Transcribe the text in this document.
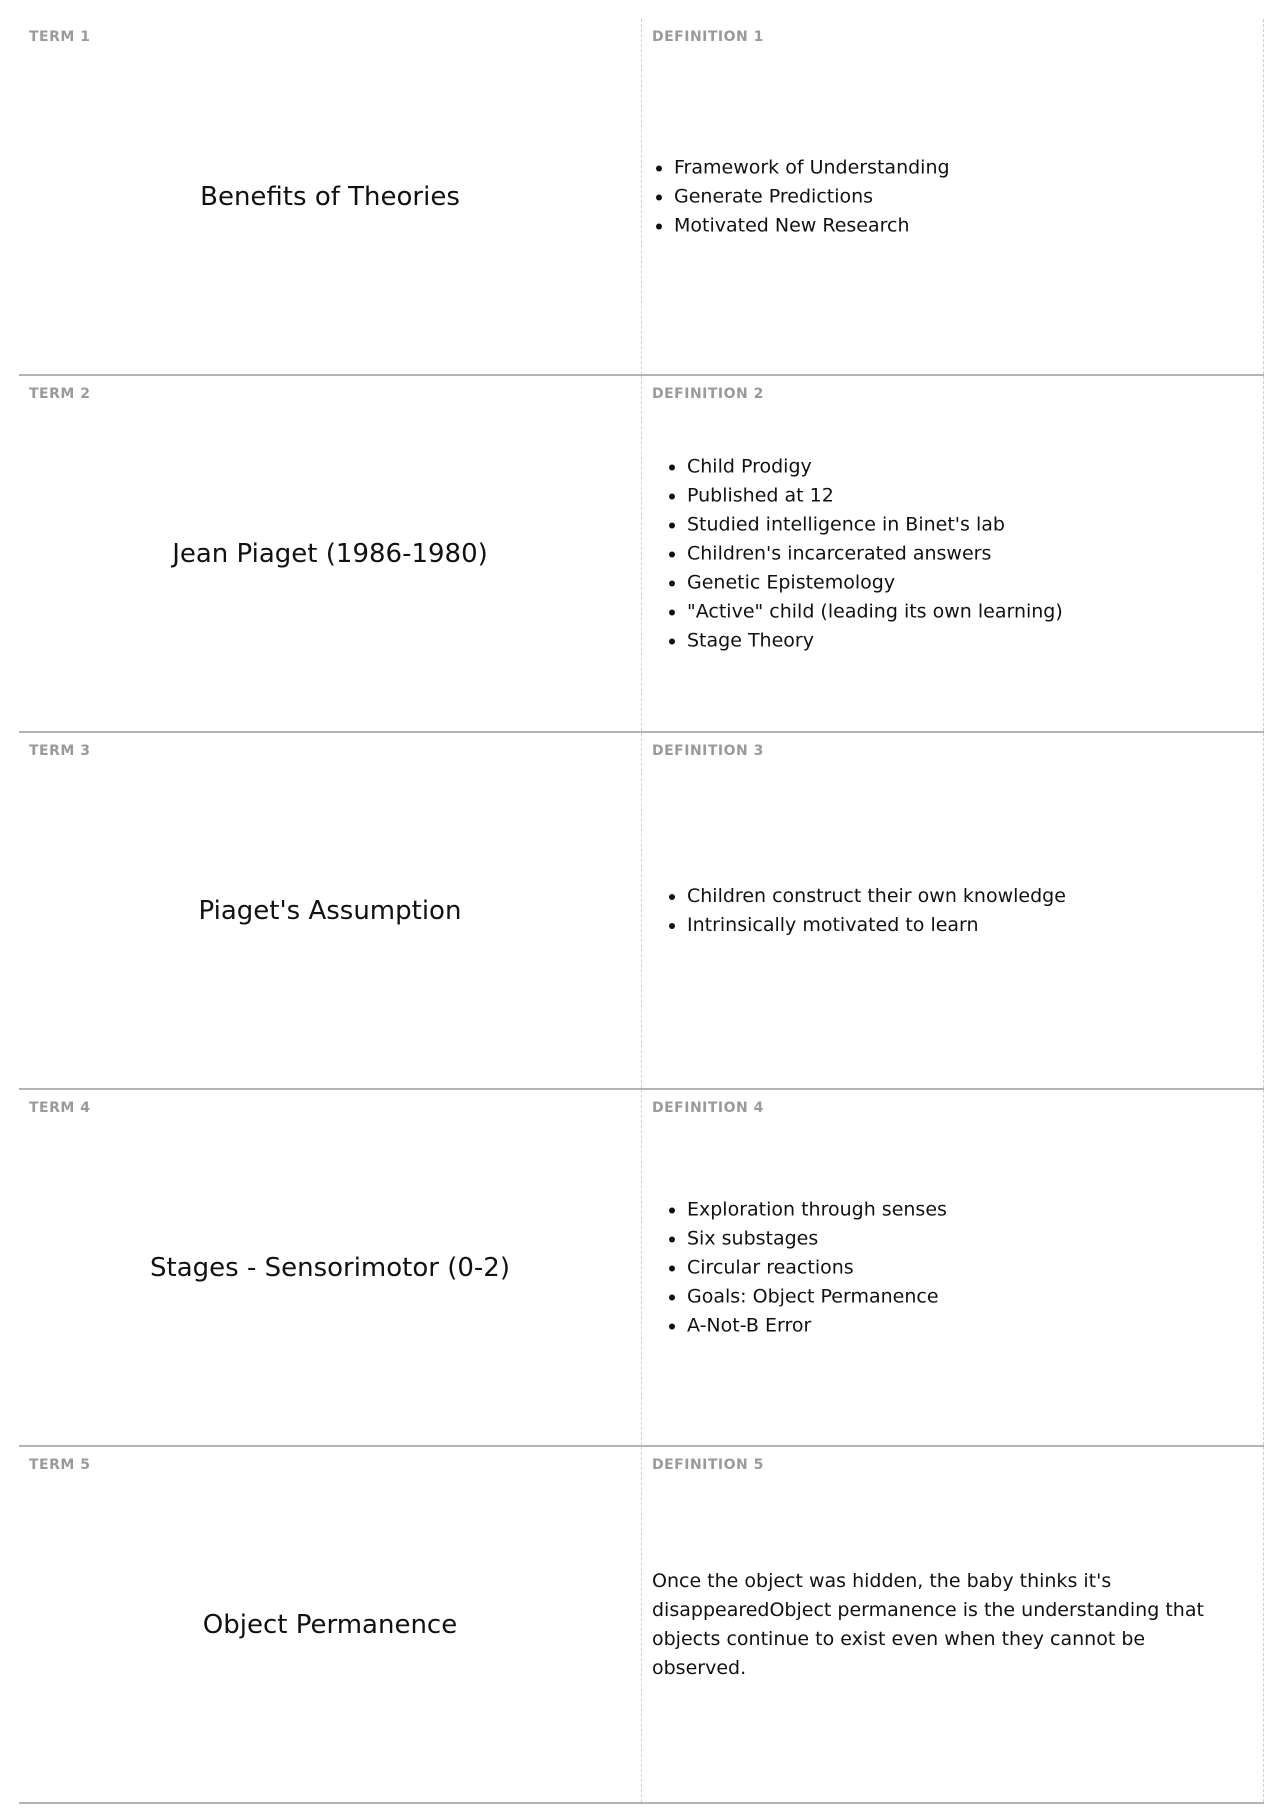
TERM 1
Benefits of Theories
DEFINITION 1
• Framework of Understanding
• Generate Predictions
• Motivated New Research
TERM 2
Jean Piaget (1986-1980)
DEFINITION 2
• Child Prodigy
• Published at 12
• Studied intelligence in Binet's lab
• Children's incarcerated answers
• Genetic Epistemology
• "Active" child (leading its own learning)
• Stage Theory
TERM 3
Piaget's Assumption
DEFINITION 3
• Children construct their own knowledge
• Intrinsically motivated to learn
TERM 4
Stages - Sensorimotor (0-2)
DEFINITION 4
• Exploration through senses
• Six substages
• Circular reactions
• Goals: Object Permanence
• A-Not-B Error
TERM 5
Object Permanence
DEFINITION 5

Once the object was hidden, the baby thinks it's disappearedObject permanence is the understanding that objects continue to exist even when they cannot be observed.
